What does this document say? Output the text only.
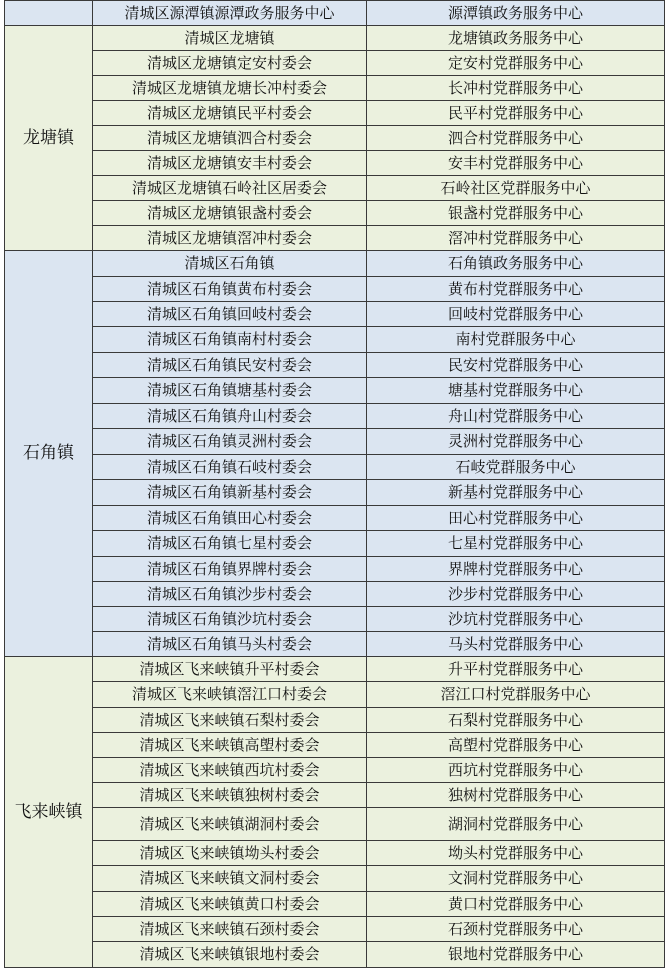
	清城区源潭镇源潭政务服务中心	源潭镇政务服务中心
龙塘镇	清城区龙塘镇	龙塘镇政务服务中心
	清城区龙塘镇定安村委会	定安村党群服务中心
	清城区龙塘镇龙塘长冲村委会	长冲村党群服务中心
	清城区龙塘镇民平村委会	民平村党群服务中心
	清城区龙塘镇泗合村委会	泗合村党群服务中心
	清城区龙塘镇安丰村委会	安丰村党群服务中心
	清城区龙塘镇石岭社区居委会	石岭社区党群服务中心
	清城区龙塘镇银盏村委会	银盏村党群服务中心
	清城区龙塘镇滘冲村委会	滘冲村党群服务中心
石角镇	清城区石角镇	石角镇政务服务中心
	清城区石角镇黄布村委会	黄布村党群服务中心
	清城区石角镇回岐村委会	回岐村党群服务中心
	清城区石角镇南村村委会	南村党群服务中心
	清城区石角镇民安村委会	民安村党群服务中心
	清城区石角镇塘基村委会	塘基村党群服务中心
	清城区石角镇舟山村委会	舟山村党群服务中心
	清城区石角镇灵洲村委会	灵洲村党群服务中心
	清城区石角镇石岐村委会	石岐党群服务中心
	清城区石角镇新基村委会	新基村党群服务中心
	清城区石角镇田心村委会	田心村党群服务中心
	清城区石角镇七星村委会	七星村党群服务中心
	清城区石角镇界牌村委会	界牌村党群服务中心
	清城区石角镇沙步村委会	沙步村党群服务中心
	清城区石角镇沙坑村委会	沙坑村党群服务中心
	清城区石角镇马头村委会	马头村党群服务中心
飞来峡镇	清城区飞来峡镇升平村委会	升平村党群服务中心
	清城区飞来峡镇滘江口村委会	滘江口村党群服务中心
	清城区飞来峡镇石梨村委会	石梨村党群服务中心
	清城区飞来峡镇高塱村委会	高塱村党群服务中心
	清城区飞来峡镇西坑村委会	西坑村党群服务中心
	清城区飞来峡镇独树村委会	独树村党群服务中心
	清城区飞来峡镇湖洞村委会	湖洞村党群服务中心
	清城区飞来峡镇坳头村委会	坳头村党群服务中心
	清城区飞来峡镇文洞村委会	文洞村党群服务中心
	清城区飞来峡镇黄口村委会	黄口村党群服务中心
	清城区飞来峡镇石颈村委会	石颈村党群服务中心
	清城区飞来峡镇银地村委会	银地村党群服务中心
